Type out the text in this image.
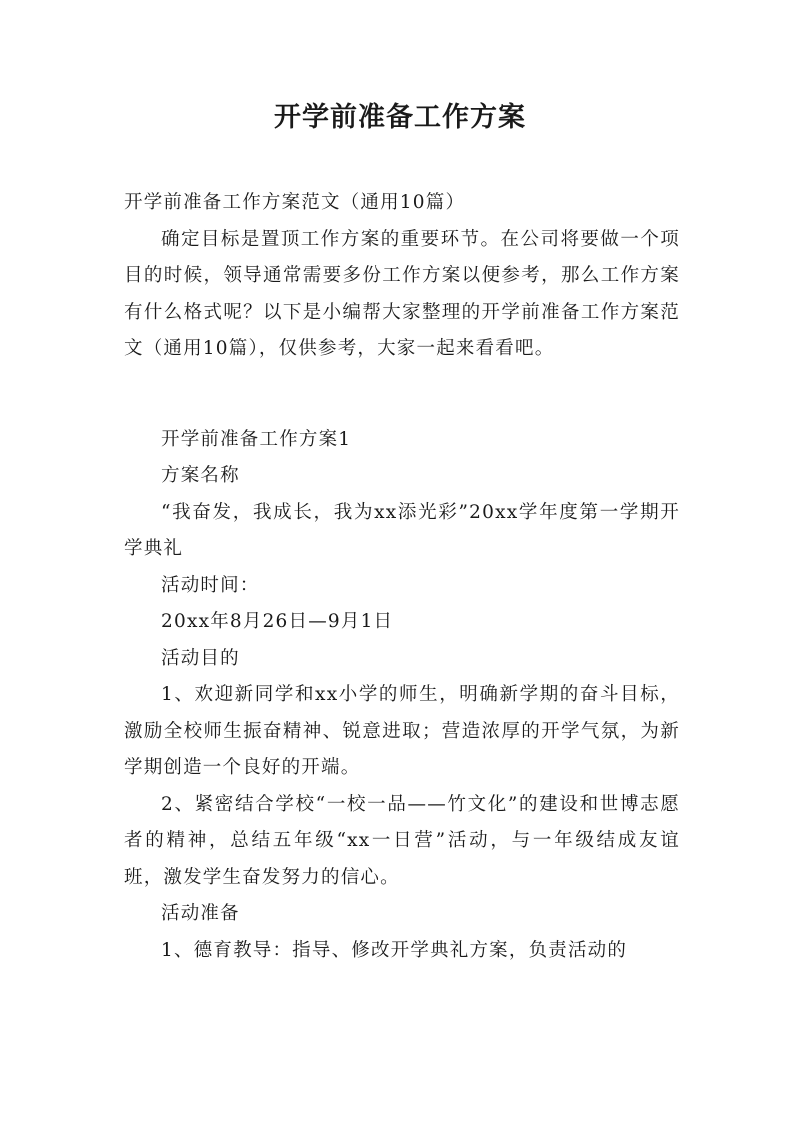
开学前准备工作方案

开学前准备工作方案范文（通用10篇）

确定目标是置顶工作方案的重要环节。在公司将要做一个项目的时候，领导通常需要多份工作方案以便参考，那么工作方案有什么格式呢？以下是小编帮大家整理的开学前准备工作方案范文（通用10篇），仅供参考，大家一起来看看吧。

开学前准备工作方案1

方案名称

“我奋发，我成长，我为xx添光彩”20xx学年度第一学期开学典礼

活动时间：

20xx年8月26日—9月1日

活动目的

1、欢迎新同学和xx小学的师生，明确新学期的奋斗目标，激励全校师生振奋精神、锐意进取；营造浓厚的开学气氛，为新学期创造一个良好的开端。

2、紧密结合学校“一校一品——竹文化”的建设和世博志愿者的精神，总结五年级“xx一日营”活动，与一年级结成友谊班，激发学生奋发努力的信心。

活动准备

1、德育教导：指导、修改开学典礼方案，负责活动的
